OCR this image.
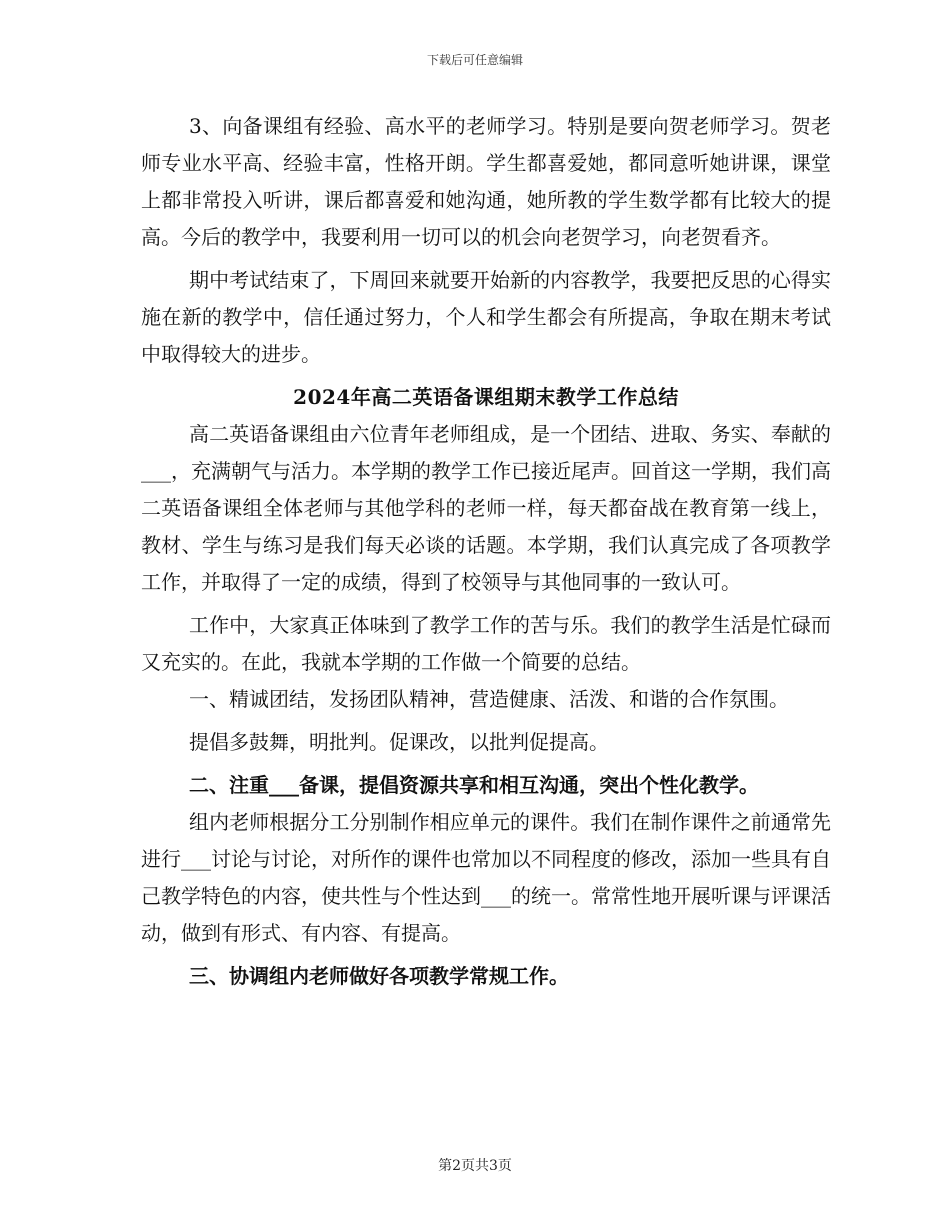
下载后可任意编辑

3、向备课组有经验、高水平的老师学习。特别是要向贺老师学习。贺老师专业水平高、经验丰富，性格开朗。学生都喜爱她，都同意听她讲课，课堂上都非常投入听讲，课后都喜爱和她沟通，她所教的学生数学都有比较大的提高。今后的教学中，我要利用一切可以的机会向老贺学习，向老贺看齐。

期中考试结束了，下周回来就要开始新的内容教学，我要把反思的心得实施在新的教学中，信任通过努力，个人和学生都会有所提高，争取在期末考试中取得较大的进步。

2024年高二英语备课组期末教学工作总结

高二英语备课组由六位青年老师组成，是一个团结、进取、务实、奉献的___，充满朝气与活力。本学期的教学工作已接近尾声。回首这一学期，我们高二英语备课组全体老师与其他学科的老师一样，每天都奋战在教育第一线上，教材、学生与练习是我们每天必谈的话题。本学期，我们认真完成了各项教学工作，并取得了一定的成绩，得到了校领导与其他同事的一致认可。

工作中，大家真正体味到了教学工作的苦与乐。我们的教学生活是忙碌而又充实的。在此，我就本学期的工作做一个简要的总结。

一、精诚团结，发扬团队精神，营造健康、活泼、和谐的合作氛围。

提倡多鼓舞，明批判。促课改，以批判促提高。

二、注重___备课，提倡资源共享和相互沟通，突出个性化教学。

组内老师根据分工分别制作相应单元的课件。我们在制作课件之前通常先进行___讨论与讨论，对所作的课件也常加以不同程度的修改，添加一些具有自己教学特色的内容，使共性与个性达到___的统一。常常性地开展听课与评课活动，做到有形式、有内容、有提高。

三、协调组内老师做好各项教学常规工作。

第2页共3页
